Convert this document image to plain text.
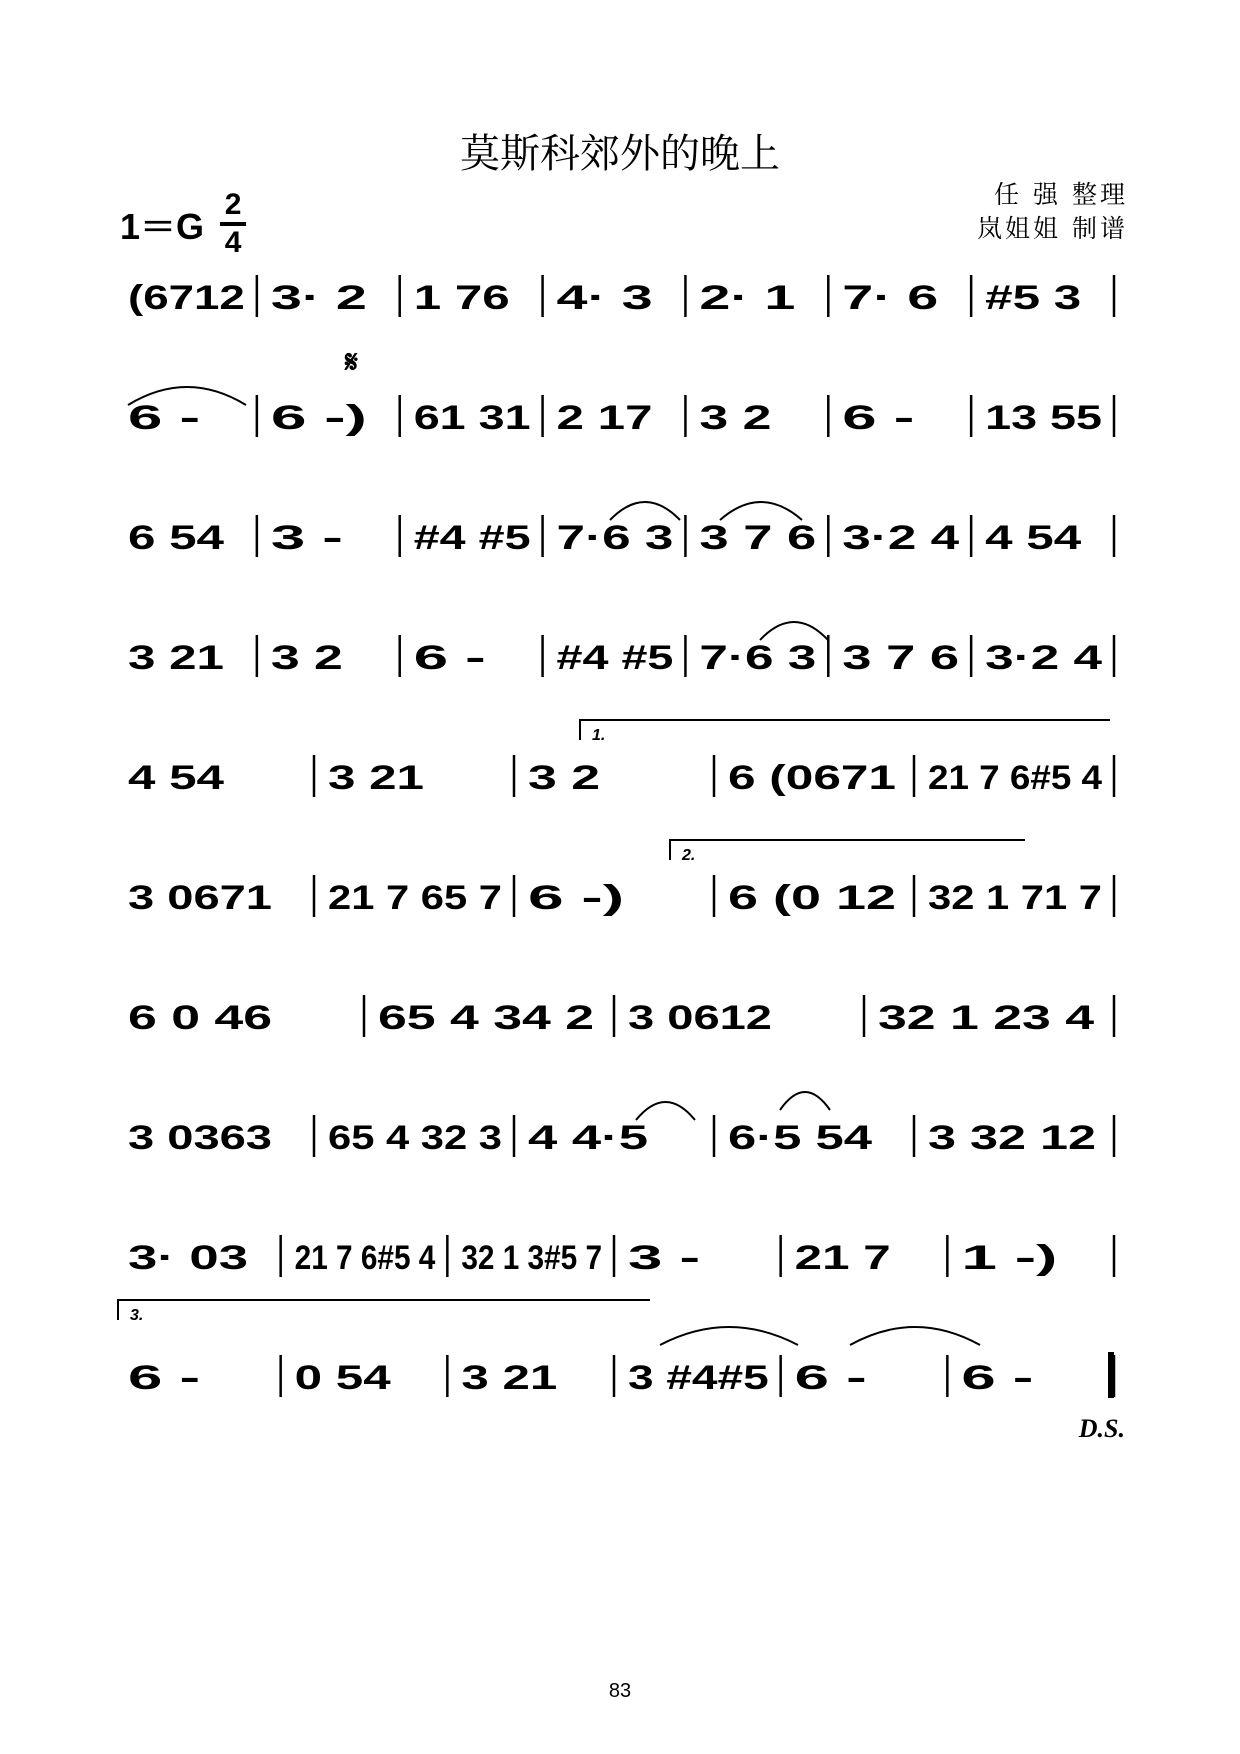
莫斯科郊外的晚上
$1=G \frac{2}{4}$	任 强 整理
岚姐姐 制谱
(6712 3· 2 1 76 4· 3 2· 1 7· 6 #5 3
6 - 6 -) 61 31 2 17 3 2 6 - 13 55
6 54 3 - #4 #5 7·6 3 3 7 6 3·2 4 4 54
3 21 3 2 6 - #4 #5 7·6 3 3 7 6 3·2 4
4 54	3 21	3 2	6 (0671 21 7 6#5 4
3 0671 21 7 65 7 6 -)	6 (0 12 32 1 71 7
6 0 46	65 4 34 2 3 0612	32 1 23 4
3 0363 65 4 32 3 4 4·5 6·5 54 3 32 12
3· 03 21 7 6#5 4 32 1 3#5 7 3 -	21 7 1 -)
6 -	0 54 3 21 3 #4#5 6 -	6 -
𝄋
1.
2.
3.
D.S.
83
